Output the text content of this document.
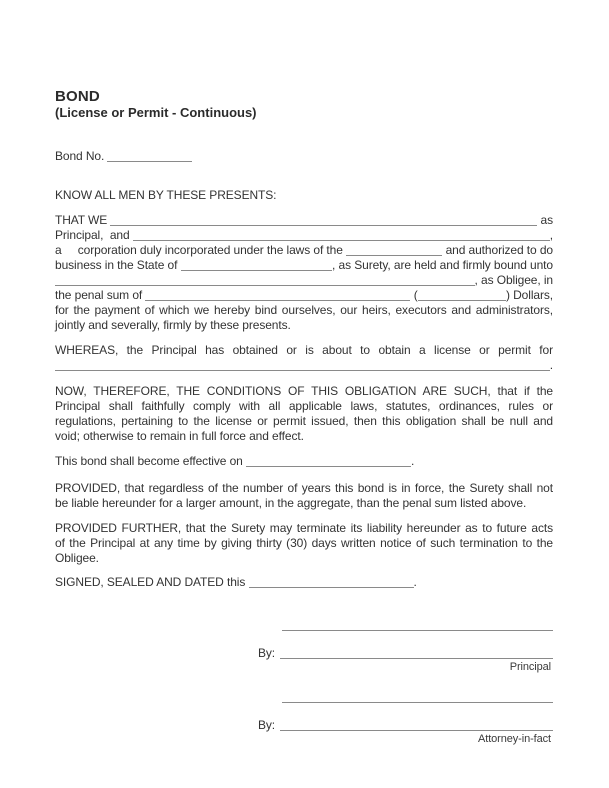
BOND
(License or Permit - Continuous)
Bond No.
KNOW ALL MEN BY THESE PRESENTS:
THAT WE	as
Principal,  and	,
a     corporation duly incorporated under the laws of the	and authorized to do
business in the State of	, as Surety, are held and firmly bound unto
, as Obligee, in
the penal sum of	(	) Dollars,
for the payment of which we hereby bind ourselves, our heirs, executors and administrators,
jointly and severally, firmly by these presents.
WHEREAS, the Principal has obtained or is about to obtain a license or permit for
.
NOW, THEREFORE, THE CONDITIONS OF THIS OBLIGATION ARE SUCH, that if the
Principal shall faithfully comply with all applicable laws, statutes, ordinances, rules or
regulations, pertaining to the license or permit issued, then this obligation shall be null and
void; otherwise to remain in full force and effect.
This bond shall become effective on	.
PROVIDED, that regardless of the number of years this bond is in force, the Surety shall not
be liable hereunder for a larger amount, in the aggregate, than the penal sum listed above.
PROVIDED FURTHER, that the Surety may terminate its liability hereunder as to future acts
of the Principal at any time by giving thirty (30) days written notice of such termination to the
Obligee.
SIGNED, SEALED AND DATED this	.
By:
Principal
By:
Attorney-in-fact
